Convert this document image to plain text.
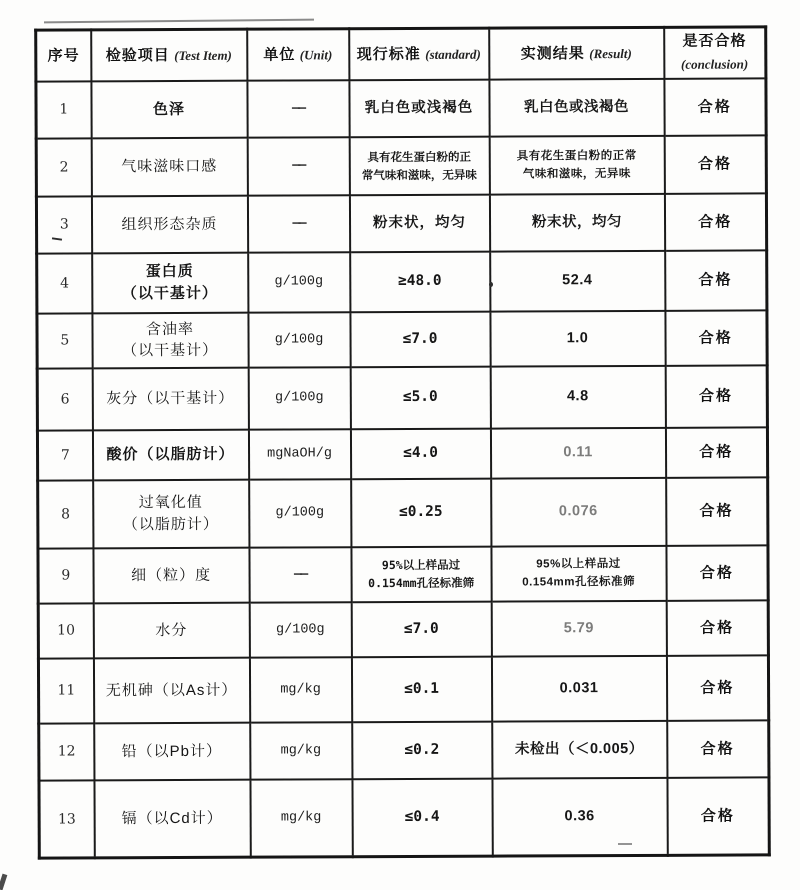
序号	检验项目 (Test Item)	单位 (Unit)	现行标准 (standard)	实测结果 (Result)	是否合格
(conclusion)
1	色泽	——	乳白色或浅褐色	乳白色或浅褐色	合格
2	气味滋味口感	——	具有花生蛋白粉的正
常气味和滋味，无异味	具有花生蛋白粉的正常
气味和滋味，无异味	合格
3	组织形态杂质	——	粉末状，均匀	粉末状，均匀	合格
4	蛋白质
（以干基计）	g/100g	≥48.0	52.4	合格
5	含油率
（以干基计）	g/100g	≤7.0	1.0	合格
6	灰分（以干基计）	g/100g	≤5.0	4.8	合格
7	酸价（以脂肪计）	mgNaOH/g	≤4.0	0.11	合格
8	过氧化值
（以脂肪计）	g/100g	≤0.25	0.076	合格
9	细（粒）度	——	95%以上样品过
0.154mm孔径标准筛	95%以上样品过
0.154mm孔径标准筛	合格
10	水分	g/100g	≤7.0	5.79	合格
11	无机砷（以As计）	mg/kg	≤0.1	0.031	合格
12	铅（以Pb计）	mg/kg	≤0.2	未检出（＜0.005）	合格
13	镉（以Cd计）	mg/kg	≤0.4	0.36	合格
